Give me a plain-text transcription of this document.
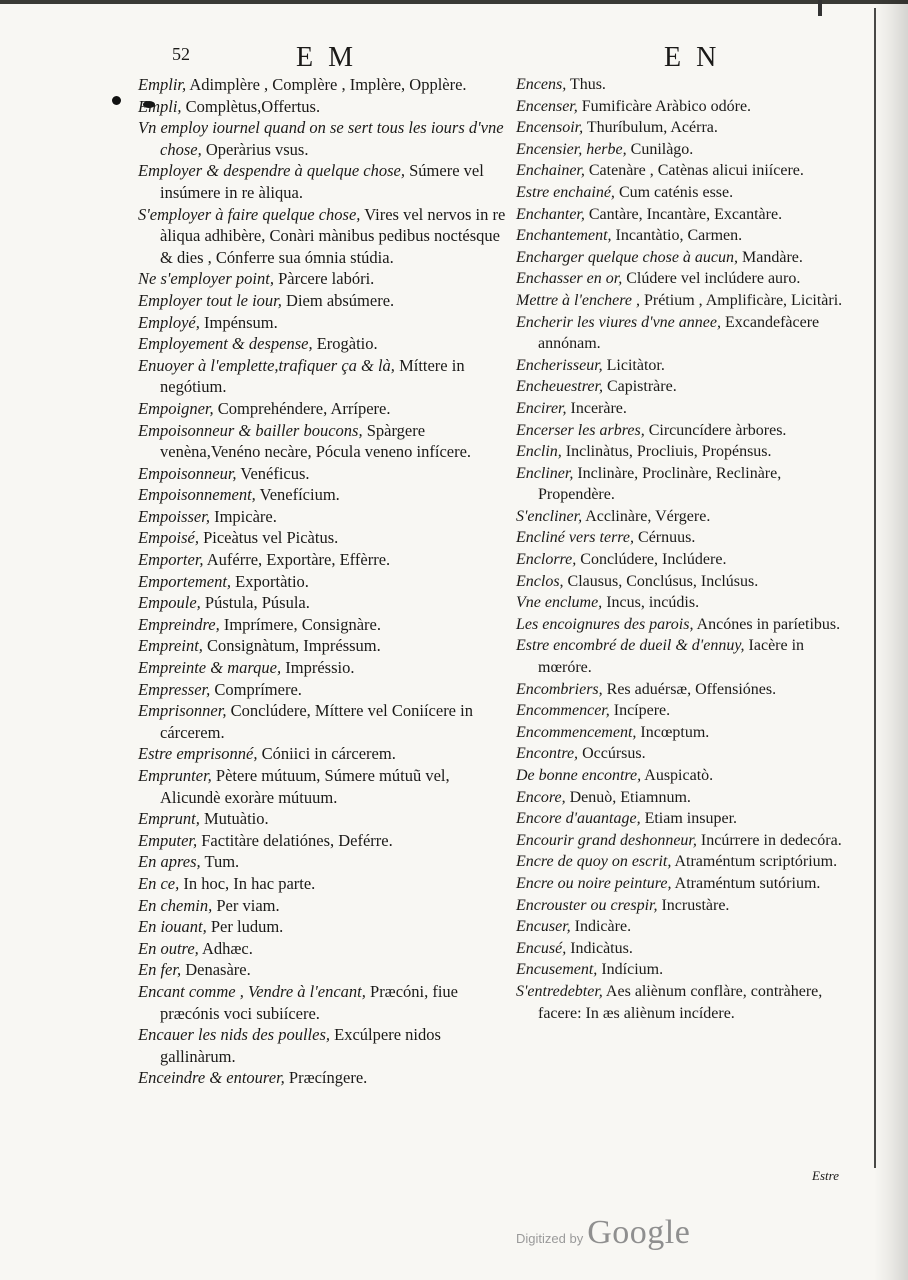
52	E M	E N

Emplir, Adimplère , Complère , Implère, Opplère.

Empli, Complètus,Offertus.

Vn employ iournel quand on se sert tous les iours d'vne chose, Operàrius vsus.

Employer & despendre à quelque chose, Súmere vel insúmere in re àliqua.

S'employer à faire quelque chose, Vires vel nervos in re àliqua adhibère, Conàri mànibus pedibus noctésque & dies , Cónferre sua ómnia stúdia.

Ne s'employer point, Pàrcere labóri.

Employer tout le iour, Diem absúmere.

Employé, Impénsum.

Employement & despense, Erogàtio.

Enuoyer à l'emplette,trafiquer ça & là, Míttere in negótium.

Empoigner, Comprehéndere, Arrípere.

Empoisonneur & bailler boucons, Spàrgere venèna,Venéno necàre, Pócula veneno infícere.

Empoisonneur, Venéficus.

Empoisonnement, Venefícium.

Empoisser, Impicàre.

Empoisé, Piceàtus vel Picàtus.

Emporter, Auférre, Exportàre, Effèrre.

Emportement, Exportàtio.

Empoule, Pústula, Púsula.

Empreindre, Imprímere, Consignàre.

Empreint, Consignàtum, Impréssum.

Empreinte & marque, Impréssio.

Empresser, Comprímere.

Emprisonner, Conclúdere, Míttere vel Coniícere in cárcerem.

Estre emprisonné, Cóniici in cárcerem.

Emprunter, Pètere mútuum, Súmere mútuũ vel, Alicundè exoràre mútuum.

Emprunt, Mutuàtio.

Emputer, Factitàre delatiónes, Deférre.

En apres, Tum.

En ce, In hoc, In hac parte.

En chemin, Per viam.

En iouant, Per ludum.

En outre, Adhæc.

En fer, Denasàre.

Encant comme , Vendre à l'encant, Præcóni, fiue præcónis voci subiícere.

Encauer les nids des poulles, Excúlpere nidos gallinàrum.

Enceindre & entourer, Præcíngere.

Encens, Thus.

Encenser, Fumificàre Aràbico odóre.

Encensoir, Thuríbulum, Acérra.

Encensier, herbe, Cunilàgo.

Enchainer, Catenàre , Catènas alicui iniícere.

Estre enchainé, Cum caténis esse.

Enchanter, Cantàre, Incantàre, Excantàre.

Enchantement, Incantàtio, Carmen.

Encharger quelque chose à aucun, Mandàre.

Enchasser en or, Clúdere vel inclúdere auro.

Mettre à l'enchere , Prétium , Amplificàre, Licitàri.

Encherir les viures d'vne annee, Excandefàcere annónam.

Encherisseur, Licitàtor.

Encheuestrer, Capistràre.

Encirer, Inceràre.

Encerser les arbres, Circuncídere àrbores.

Enclin, Inclinàtus, Procliuis, Propénsus.

Encliner, Inclinàre, Proclinàre, Reclinàre, Propendère.

S'encliner, Acclinàre, Vérgere.

Encliné vers terre, Cérnuus.

Enclorre, Conclúdere, Inclúdere.

Enclos, Clausus, Conclúsus, Inclúsus.

Vne enclume, Incus, incúdis.

Les encoignures des parois, Ancónes in paríetibus.

Estre encombré de dueil & d'ennuy, Iacère in mœróre.

Encombriers, Res aduérsæ, Offensiónes.

Encommencer, Incípere.

Encommencement, Incœptum.

Encontre, Occúrsus.

De bonne encontre, Auspicatò.

Encore, Denuò, Etiamnum.

Encore d'auantage, Etiam insuper.

Encourir grand deshonneur, Incúrrere in dedecóra.

Encre de quoy on escrit, Atraméntum scriptórium.

Encre ou noire peinture, Atraméntum sutórium.

Encrouster ou crespir, Incrustàre.

Encuser, Indicàre.

Encusé, Indicàtus.

Encusement, Indícium.

S'entredebter, Aes aliènum conflàre, contràhere, facere: In æs aliènum incídere.

Estre
Digitized by Google
